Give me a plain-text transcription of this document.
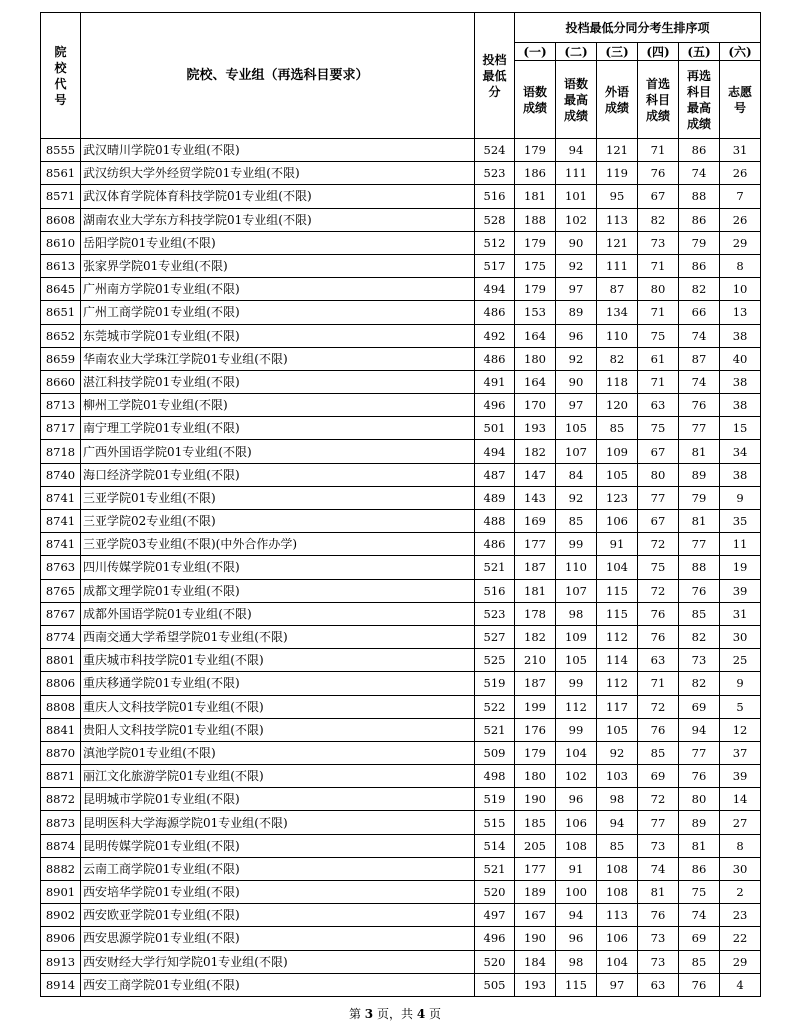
院校代号	院校、专业组（再选科目要求）	投档最低分	投档最低分同分考生排序项					
			(一)	(二)	(三)	(四)	(五)	(六)
			语数成绩	语数最高成绩	外语成绩	首选科目成绩	再选科目最高成绩	志愿号
8555	武汉晴川学院01专业组(不限)	524	179	94	121	71	86	31
8561	武汉纺织大学外经贸学院01专业组(不限)	523	186	111	119	76	74	26
8571	武汉体育学院体育科技学院01专业组(不限)	516	181	101	95	67	88	7
8608	湖南农业大学东方科技学院01专业组(不限)	528	188	102	113	82	86	26
8610	岳阳学院01专业组(不限)	512	179	90	121	73	79	29
8613	张家界学院01专业组(不限)	517	175	92	111	71	86	8
8645	广州南方学院01专业组(不限)	494	179	97	87	80	82	10
8651	广州工商学院01专业组(不限)	486	153	89	134	71	66	13
8652	东莞城市学院01专业组(不限)	492	164	96	110	75	74	38
8659	华南农业大学珠江学院01专业组(不限)	486	180	92	82	61	87	40
8660	湛江科技学院01专业组(不限)	491	164	90	118	71	74	38
8713	柳州工学院01专业组(不限)	496	170	97	120	63	76	38
8717	南宁理工学院01专业组(不限)	501	193	105	85	75	77	15
8718	广西外国语学院01专业组(不限)	494	182	107	109	67	81	34
8740	海口经济学院01专业组(不限)	487	147	84	105	80	89	38
8741	三亚学院01专业组(不限)	489	143	92	123	77	79	9
8741	三亚学院02专业组(不限)	488	169	85	106	67	81	35
8741	三亚学院03专业组(不限)(中外合作办学)	486	177	99	91	72	77	11
8763	四川传媒学院01专业组(不限)	521	187	110	104	75	88	19
8765	成都文理学院01专业组(不限)	516	181	107	115	72	76	39
8767	成都外国语学院01专业组(不限)	523	178	98	115	76	85	31
8774	西南交通大学希望学院01专业组(不限)	527	182	109	112	76	82	30
8801	重庆城市科技学院01专业组(不限)	525	210	105	114	63	73	25
8806	重庆移通学院01专业组(不限)	519	187	99	112	71	82	9
8808	重庆人文科技学院01专业组(不限)	522	199	112	117	72	69	5
8841	贵阳人文科技学院01专业组(不限)	521	176	99	105	76	94	12
8870	滇池学院01专业组(不限)	509	179	104	92	85	77	37
8871	丽江文化旅游学院01专业组(不限)	498	180	102	103	69	76	39
8872	昆明城市学院01专业组(不限)	519	190	96	98	72	80	14
8873	昆明医科大学海源学院01专业组(不限)	515	185	106	94	77	89	27
8874	昆明传媒学院01专业组(不限)	514	205	108	85	73	81	8
8882	云南工商学院01专业组(不限)	521	177	91	108	74	86	30
8901	西安培华学院01专业组(不限)	520	189	100	108	81	75	2
8902	西安欧亚学院01专业组(不限)	497	167	94	113	76	74	23
8906	西安思源学院01专业组(不限)	496	190	96	106	73	69	22
8913	西安财经大学行知学院01专业组(不限)	520	184	98	104	73	85	29
8914	西安工商学院01专业组(不限)	505	193	115	97	63	76	4
第 3 页，共 4 页
